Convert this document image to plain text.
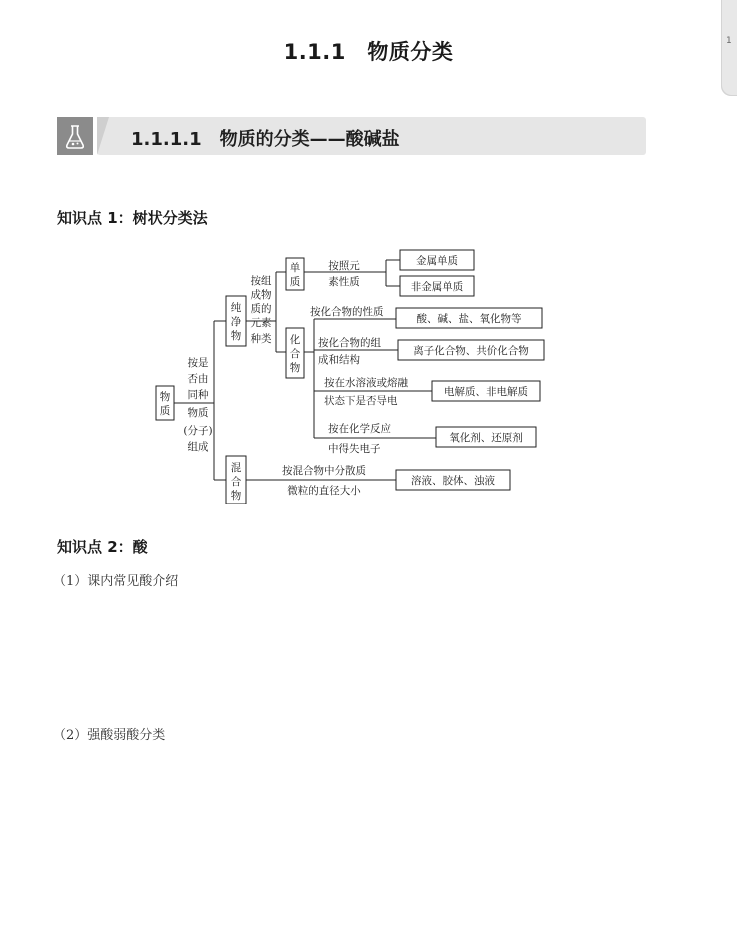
1
1.1.1　物质分类
1.1.1.1　物质的分类——酸碱盐
知识点 1：树状分类法
物
质
按是
否由
同种
物质
(分子)
组成
纯
净
物
按组
成物
质的
元素
种类
单
质
按照元
素性质
金属单质
非金属单质
化
合
物
按化合物的性质
酸、碱、盐、氧化物等
按化合物的组
成和结构
离子化合物、共价化合物
按在水溶液或熔融
状态下是否导电
电解质、非电解质
按在化学反应
中得失电子
氧化剂、还原剂
混
合
物
按混合物中分散质
微粒的直径大小
溶液、胶体、浊液
知识点 2：酸
（1）课内常见酸介绍
（2）强酸弱酸分类
